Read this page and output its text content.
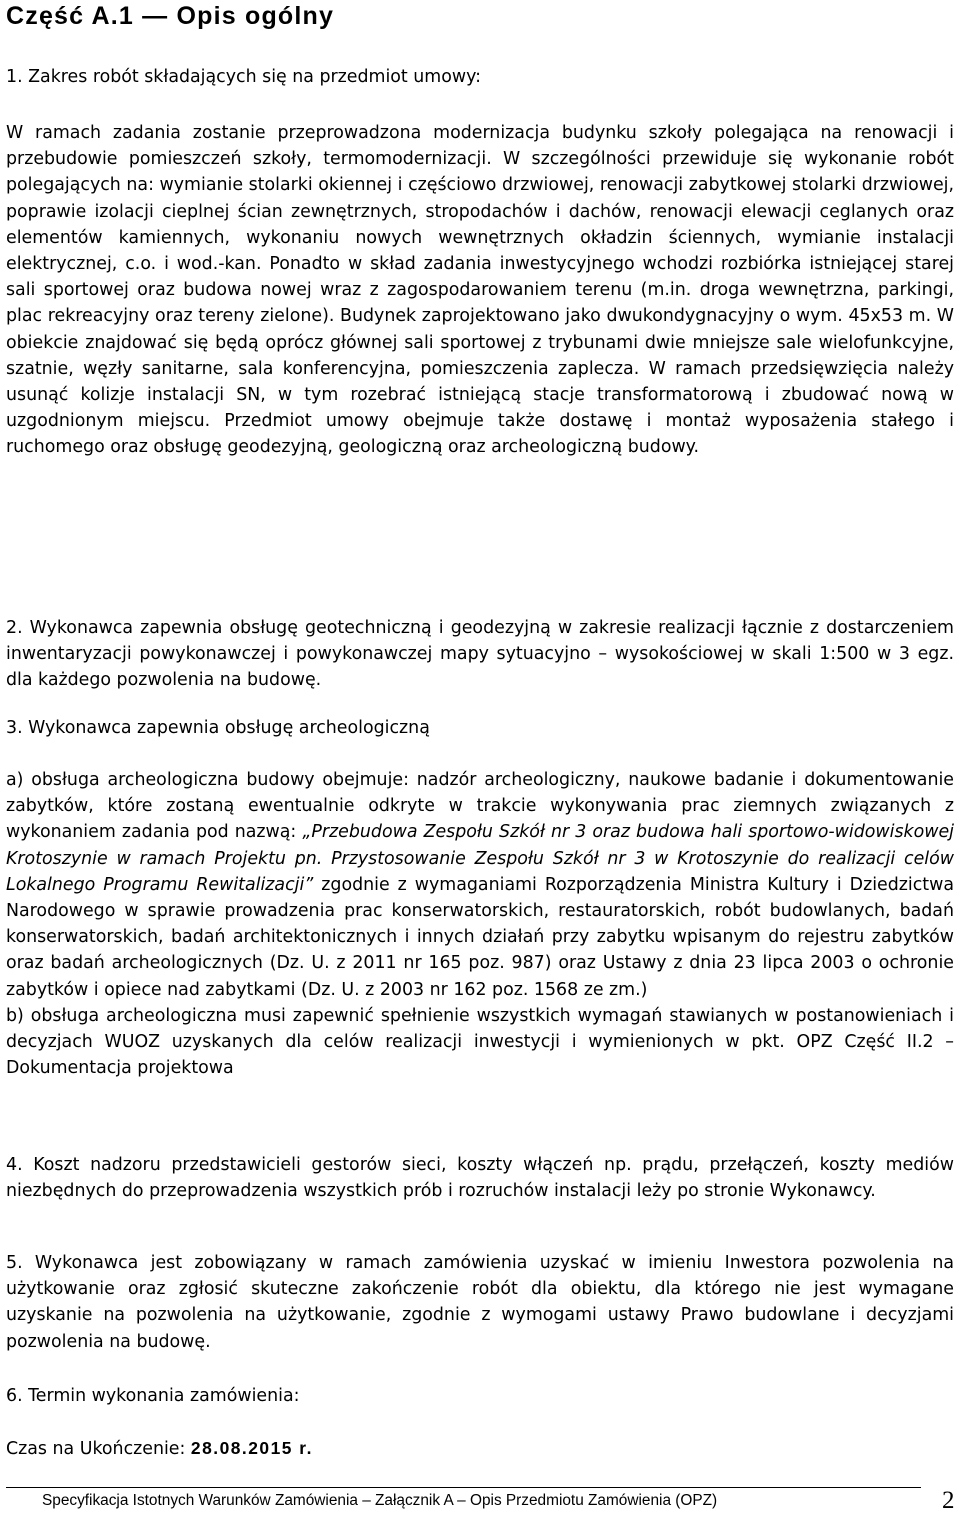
Część A.1 — Opis ogólny
1. Zakres robót składających się na przedmiot umowy:

W ramach zadania zostanie przeprowadzona modernizacja budynku szkoły polegająca na renowacji i przebudowie pomieszczeń szkoły, termomodernizacji. W szczególności przewiduje się wykonanie robót polegających na: wymianie stolarki okiennej i częściowo drzwiowej, renowacji zabytkowej stolarki drzwiowej, poprawie izolacji cieplnej ścian zewnętrznych, stropodachów i dachów, renowacji elewacji ceglanych oraz elementów kamiennych, wykonaniu nowych wewnętrznych okładzin ściennych, wymianie instalacji elektrycznej, c.o. i wod.-kan. Ponadto w skład zadania inwestycyjnego wchodzi rozbiórka istniejącej starej sali sportowej oraz budowa nowej wraz z zagospodarowaniem terenu (m.in. droga wewnętrzna, parkingi, plac rekreacyjny oraz tereny zielone). Budynek zaprojektowano jako dwukondygnacyjny o wym. 45x53 m. W obiekcie znajdować się będą oprócz głównej sali sportowej z trybunami dwie mniejsze sale wielofunkcyjne, szatnie, węzły sanitarne, sala konferencyjna, pomieszczenia zaplecza. W ramach przedsięwzięcia należy usunąć kolizje instalacji SN, w tym rozebrać istniejącą stacje transformatorową i zbudować nową w uzgodnionym miejscu. Przedmiot umowy obejmuje także dostawę i montaż wyposażenia stałego i ruchomego oraz obsługę geodezyjną, geologiczną oraz archeologiczną budowy.

2. Wykonawca zapewnia obsługę geotechniczną i geodezyjną w zakresie realizacji łącznie z dostarczeniem inwentaryzacji powykonawczej i powykonawczej mapy sytuacyjno – wysokościowej w skali 1:500 w 3 egz. dla każdego pozwolenia na budowę.

3. Wykonawca zapewnia obsługę archeologiczną

a) obsługa archeologiczna budowy obejmuje: nadzór archeologiczny, naukowe badanie i dokumentowanie zabytków, które zostaną ewentualnie odkryte w trakcie wykonywania prac ziemnych związanych z wykonaniem zadania pod nazwą: „Przebudowa Zespołu Szkół nr 3 oraz budowa hali sportowo-widowiskowej Krotoszynie w ramach Projektu pn. Przystosowanie Zespołu Szkół nr 3 w Krotoszynie do realizacji celów Lokalnego Programu Rewitalizacji” zgodnie z wymaganiami Rozporządzenia Ministra Kultury i Dziedzictwa Narodowego w sprawie prowadzenia prac konserwatorskich, restauratorskich, robót budowlanych, badań konserwatorskich, badań architektonicznych i innych działań przy zabytku wpisanym do rejestru zabytków oraz badań archeologicznych (Dz. U. z 2011 nr 165 poz. 987) oraz Ustawy z dnia 23 lipca 2003 o ochronie zabytków i opiece nad zabytkami (Dz. U. z 2003 nr 162 poz. 1568 ze zm.)

b) obsługa archeologiczna musi zapewnić spełnienie wszystkich wymagań stawianych w postanowieniach i decyzjach WUOZ uzyskanych dla celów realizacji inwestycji i wymienionych w pkt. OPZ Część II.2 – Dokumentacja projektowa

4. Koszt nadzoru przedstawicieli gestorów sieci, koszty włączeń np. prądu, przełączeń, koszty mediów niezbędnych do przeprowadzenia wszystkich prób i rozruchów instalacji leży po stronie Wykonawcy.

5. Wykonawca jest zobowiązany w ramach zamówienia uzyskać w imieniu Inwestora pozwolenia na użytkowanie oraz zgłosić skuteczne zakończenie robót dla obiektu, dla którego nie jest wymagane uzyskanie na pozwolenia na użytkowanie, zgodnie z wymogami ustawy Prawo budowlane i decyzjami pozwolenia na budowę.

6. Termin wykonania zamówienia:
Czas na Ukończenie: 28.08.2015 r.
Specyfikacja Istotnych Warunków Zamówienia – Załącznik A – Opis Przedmiotu Zamówienia (OPZ)	2
